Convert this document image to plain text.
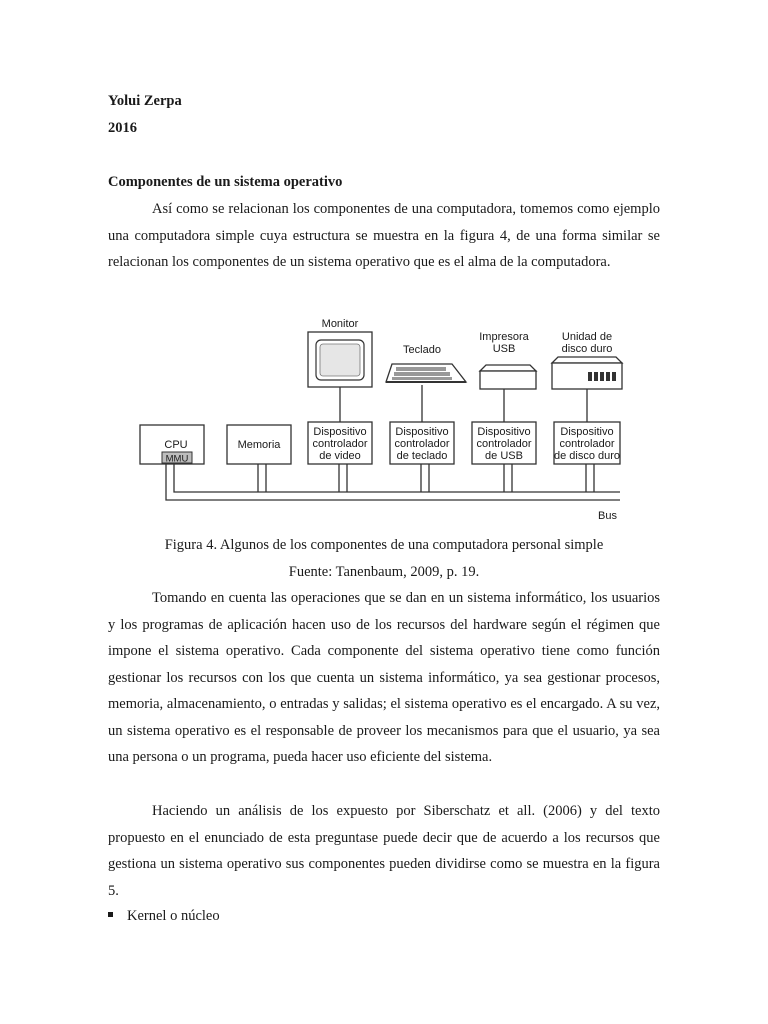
Yolui Zerpa
2016
Componentes de un sistema operativo

Así como se relacionan los componentes de una computadora, tomemos como ejemplo una computadora simple cuya estructura se muestra en la figura 4, de una forma similar se relacionan los componentes de un sistema operativo que es el alma de la computadora.

Bus
CPU
MMU
Memoria
Dispositivo
controlador
de video
Dispositivo
controlador
de teclado
Dispositivo
controlador
de USB
Dispositivo
controlador
de disco duro
Monitor
Teclado
Impresora
USB
Unidad de
disco duro
Figura 4. Algunos de los componentes de una computadora personal simple
Fuente: Tanenbaum, 2009, p. 19.

Tomando en cuenta las operaciones que se dan en un sistema informático, los usuarios y los programas de aplicación hacen uso de los recursos del hardware según el régimen que impone el sistema operativo. Cada componente del sistema operativo tiene como función gestionar los recursos con los que cuenta un sistema informático, ya sea gestionar procesos, memoria, almacenamiento, o entradas y salidas; el sistema operativo es el encargado. A su vez, un sistema operativo es el responsable de proveer los mecanismos para que el usuario, ya sea una persona o un programa, pueda hacer uso eficiente del sistema.

Haciendo un análisis de los expuesto por Siberschatz et all. (2006) y del texto propuesto en el enunciado de esta preguntase puede decir que de acuerdo a los recursos que gestiona un sistema operativo sus componentes pueden dividirse como se muestra en la figura 5.

Kernel o núcleo
